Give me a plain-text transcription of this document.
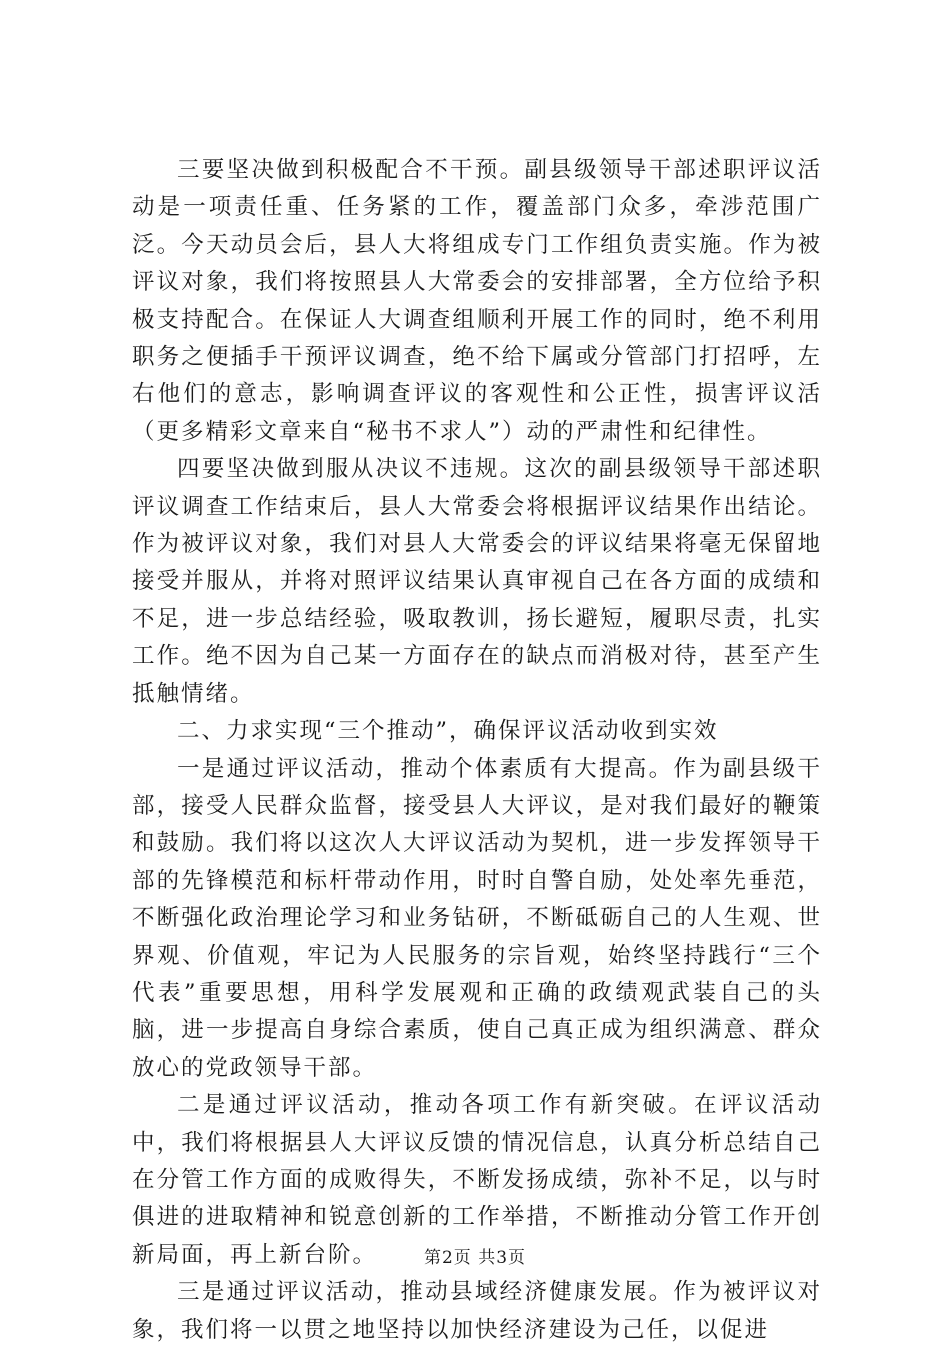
三要坚决做到积极配合不干预。副县级领导干部述职评议活动是一项责任重、任务紧的工作，覆盖部门众多，牵涉范围广泛。今天动员会后，县人大将组成专门工作组负责实施。作为被评议对象，我们将按照县人大常委会的安排部署，全方位给予积极支持配合。在保证人大调查组顺利开展工作的同时，绝不利用职务之便插手干预评议调查，绝不给下属或分管部门打招呼，左右他们的意志，影响调查评议的客观性和公正性，损害评议活（更多精彩文章来自“秘书不求人”）动的严肃性和纪律性。

四要坚决做到服从决议不违规。这次的副县级领导干部述职评议调查工作结束后，县人大常委会将根据评议结果作出结论。作为被评议对象，我们对县人大常委会的评议结果将毫无保留地接受并服从，并将对照评议结果认真审视自己在各方面的成绩和不足，进一步总结经验，吸取教训，扬长避短，履职尽责，扎实工作。绝不因为自己某一方面存在的缺点而消极对待，甚至产生抵触情绪。

二、力求实现“三个推动”，确保评议活动收到实效

一是通过评议活动，推动个体素质有大提高。作为副县级干部，接受人民群众监督，接受县人大评议，是对我们最好的鞭策和鼓励。我们将以这次人大评议活动为契机，进一步发挥领导干部的先锋模范和标杆带动作用，时时自警自励，处处率先垂范，不断强化政治理论学习和业务钻研，不断砥砺自己的人生观、世界观、价值观，牢记为人民服务的宗旨观，始终坚持践行“三个代表”重要思想，用科学发展观和正确的政绩观武装自己的头脑，进一步提高自身综合素质，使自己真正成为组织满意、群众放心的党政领导干部。

二是通过评议活动，推动各项工作有新突破。在评议活动中，我们将根据县人大评议反馈的情况信息，认真分析总结自己在分管工作方面的成败得失，不断发扬成绩，弥补不足，以与时俱进的进取精神和锐意创新的工作举措，不断推动分管工作开创新局面，再上新台阶。

三是通过评议活动，推动县域经济健康发展。作为被评议对象，我们将一以贯之地坚持以加快经济建设为己任，以促进

第2页 共3页
